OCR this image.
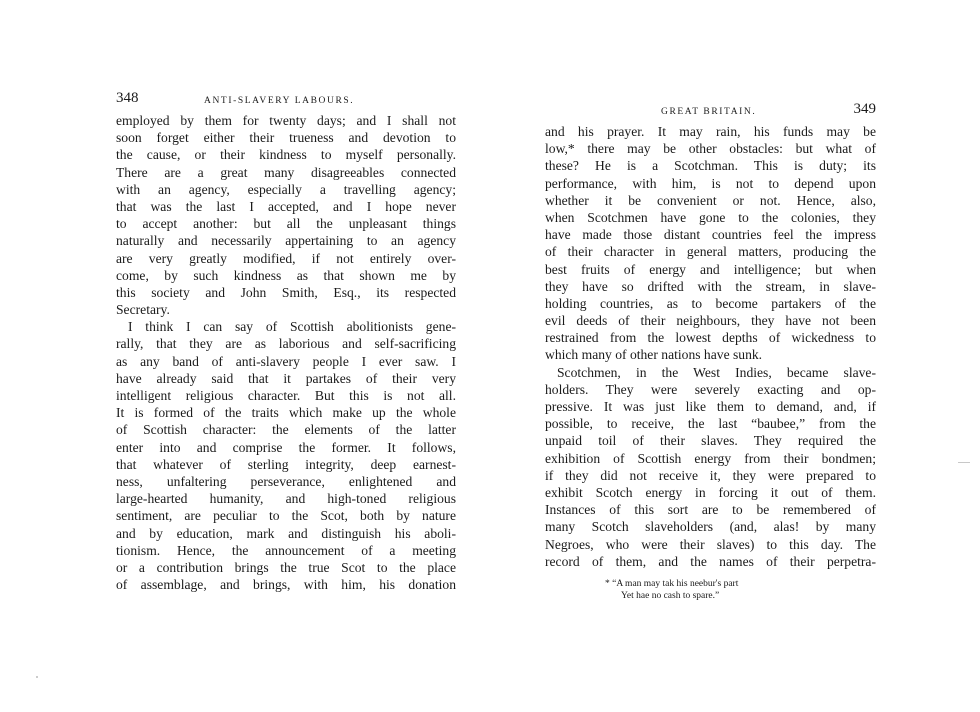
348	ANTI-SLAVERY LABOURS.
employed by them for twenty days; and I shall not
soon forget either their trueness and devotion to
the cause, or their kindness to myself personally.
There are a great many disagreeables connected
with an agency, especially a travelling agency;
that was the last I accepted, and I hope never
to accept another: but all the unpleasant things
naturally and necessarily appertaining to an agency
are very greatly modified, if not entirely over-
come, by such kindness as that shown me by
this society and John Smith, Esq., its respected
Secretary.
I think I can say of Scottish abolitionists gene-
rally, that they are as laborious and self-sacrificing
as any band of anti-slavery people I ever saw. I
have already said that it partakes of their very
intelligent religious character. But this is not all.
It is formed of the traits which make up the whole
of Scottish character: the elements of the latter
enter into and comprise the former. It follows,
that whatever of sterling integrity, deep earnest-
ness, unfaltering perseverance, enlightened and
large-hearted humanity, and high-toned religious
sentiment, are peculiar to the Scot, both by nature
and by education, mark and distinguish his aboli-
tionism. Hence, the announcement of a meeting
or a contribution brings the true Scot to the place
of assemblage, and brings, with him, his donation
GREAT BRITAIN.	349
and his prayer. It may rain, his funds may be
low,* there may be other obstacles: but what of
these? He is a Scotchman. This is duty; its
performance, with him, is not to depend upon
whether it be convenient or not. Hence, also,
when Scotchmen have gone to the colonies, they
have made those distant countries feel the impress
of their character in general matters, producing the
best fruits of energy and intelligence; but when
they have so drifted with the stream, in slave-
holding countries, as to become partakers of the
evil deeds of their neighbours, they have not been
restrained from the lowest depths of wickedness to
which many of other nations have sunk.
Scotchmen, in the West Indies, became slave-
holders. They were severely exacting and op-
pressive. It was just like them to demand, and, if
possible, to receive, the last “baubee,” from the
unpaid toil of their slaves. They required the
exhibition of Scottish energy from their bondmen;
if they did not receive it, they were prepared to
exhibit Scotch energy in forcing it out of them.
Instances of this sort are to be remembered of
many Scotch slaveholders (and, alas! by many
Negroes, who were their slaves) to this day. The
record of them, and the names of their perpetra-
* “A man may tak his neebur's part
Yet hae no cash to spare.”
